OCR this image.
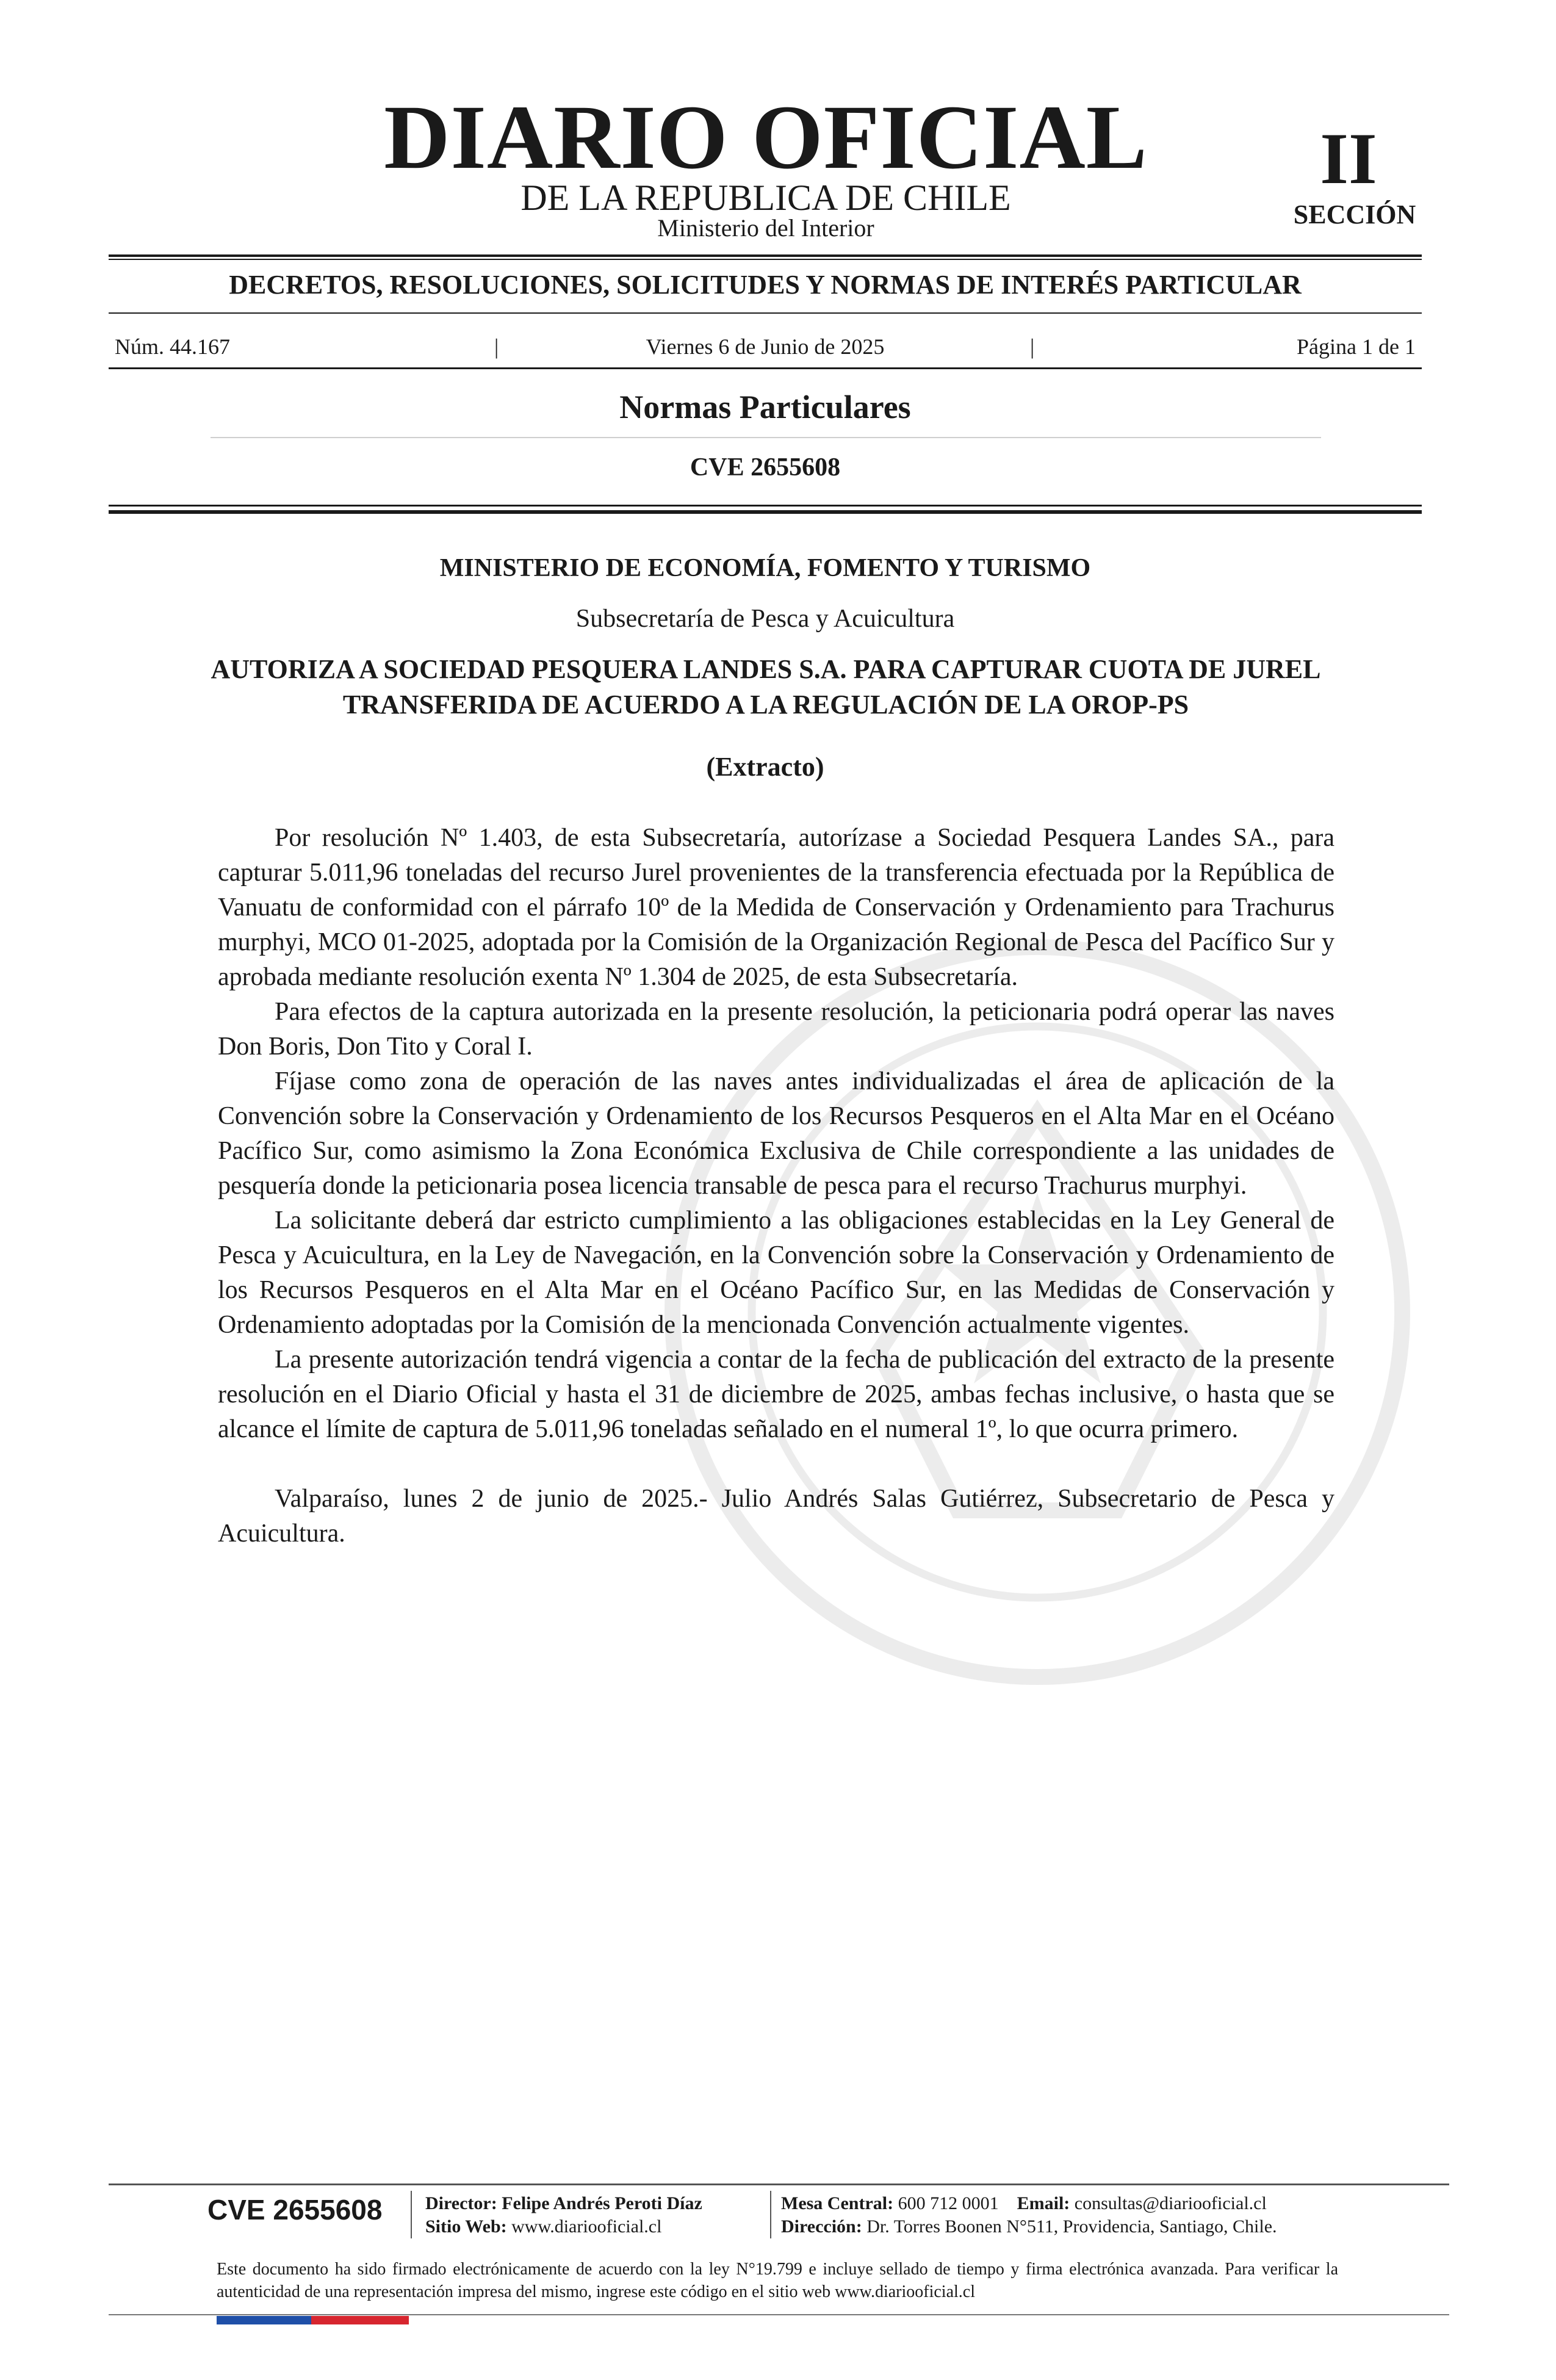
DIARIO OFICIAL
DE LA REPUBLICA DE CHILE
Ministerio del Interior
II
SECCIÓN
DECRETOS, RESOLUCIONES, SOLICITUDES Y NORMAS DE INTERÉS PARTICULAR
Núm. 44.167	|	Viernes 6 de Junio de 2025	|	Página 1 de 1
Normas Particulares
CVE 2655608
MINISTERIO DE ECONOMÍA, FOMENTO Y TURISMO
Subsecretaría de Pesca y Acuicultura
AUTORIZA A SOCIEDAD PESQUERA LANDES S.A. PARA CAPTURAR CUOTA DE JUREL TRANSFERIDA DE ACUERDO A LA REGULACIÓN DE LA OROP-PS
(Extracto)

Por resolución Nº 1.403, de esta Subsecretaría, autorízase a Sociedad Pesquera Landes SA., para capturar 5.011,96 toneladas del recurso Jurel provenientes de la transferencia efectuada por la República de Vanuatu de conformidad con el párrafo 10º de la Medida de Conservación y Ordenamiento para Trachurus murphyi, MCO 01-2025, adoptada por la Comisión de la Organización Regional de Pesca del Pacífico Sur y aprobada mediante resolución exenta Nº 1.304 de 2025, de esta Subsecretaría.

Para efectos de la captura autorizada en la presente resolución, la peticionaria podrá operar las naves Don Boris, Don Tito y Coral I.

Fíjase como zona de operación de las naves antes individualizadas el área de aplicación de la Convención sobre la Conservación y Ordenamiento de los Recursos Pesqueros en el Alta Mar en el Océano Pacífico Sur, como asimismo la Zona Económica Exclusiva de Chile correspondiente a las unidades de pesquería donde la peticionaria posea licencia transable de pesca para el recurso Trachurus murphyi.

La solicitante deberá dar estricto cumplimiento a las obligaciones establecidas en la Ley General de Pesca y Acuicultura, en la Ley de Navegación, en la Convención sobre la Conservación y Ordenamiento de los Recursos Pesqueros en el Alta Mar en el Océano Pacífico Sur, en las Medidas de Conservación y Ordenamiento adoptadas por la Comisión de la mencionada Convención actualmente vigentes.

La presente autorización tendrá vigencia a contar de la fecha de publicación del extracto de la presente resolución en el Diario Oficial y hasta el 31 de diciembre de 2025, ambas fechas inclusive, o hasta que se alcance el límite de captura de 5.011,96 toneladas señalado en el numeral 1º, lo que ocurra primero.

Valparaíso, lunes 2 de junio de 2025.- Julio Andrés Salas Gutiérrez, Subsecretario de Pesca y Acuicultura.

CVE 2655608 Director: Felipe Andrés Peroti Díaz
Sitio Web: www.diariooficial.cl
Mesa Central: 600 712 0001 Email: consultas@diariooficial.cl
Dirección: Dr. Torres Boonen N°511, Providencia, Santiago, Chile.
Este documento ha sido firmado electrónicamente de acuerdo con la ley N°19.799 e incluye sellado de tiempo y firma electrónica avanzada. Para verificar la autenticidad de una representación impresa del mismo, ingrese este código en el sitio web www.diariooficial.cl
